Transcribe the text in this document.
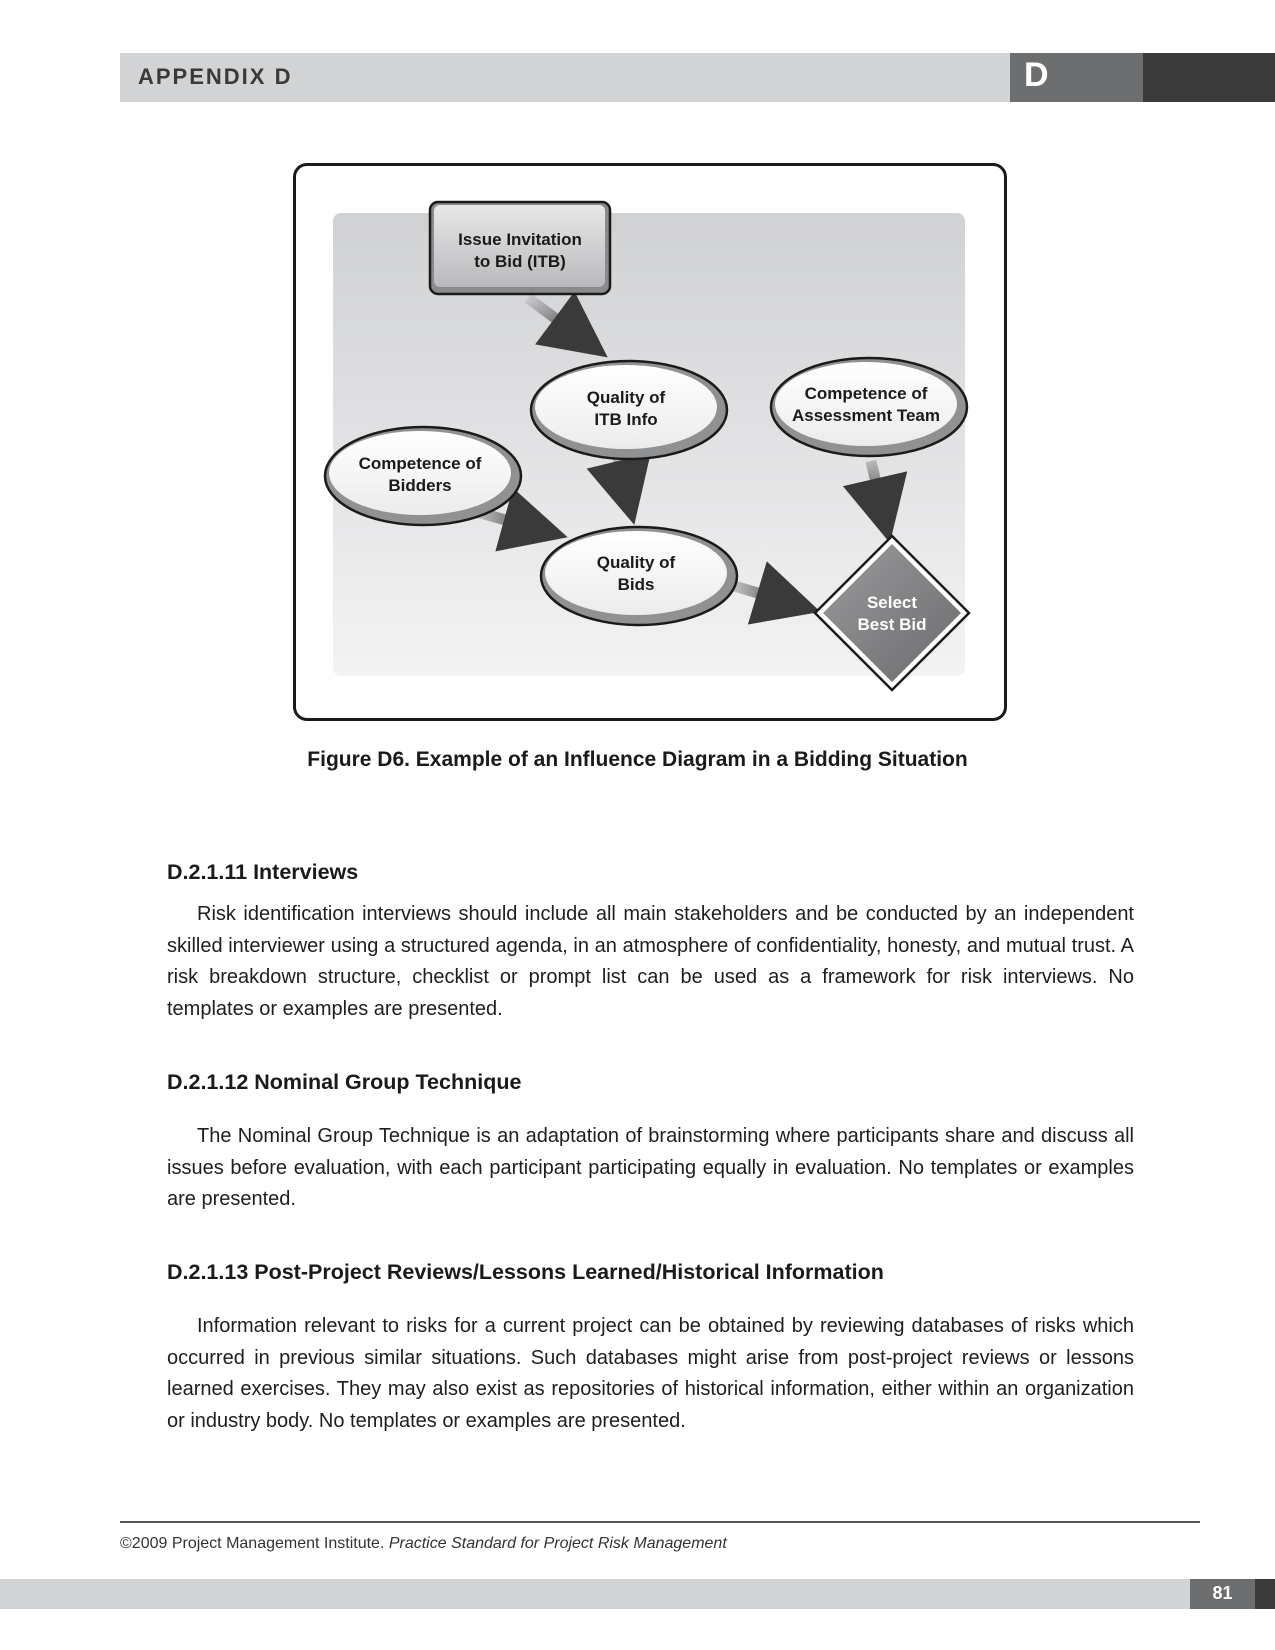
APPENDIX D	D
Issue Invitation
to Bid (ITB)
Quality of
ITB Info
Competence of
Assessment Team
Competence of
Bidders
Quality of
Bids
Select
Best Bid
Figure D6. Example of an Influence Diagram in a Bidding Situation
D.2.1.11 Interviews

Risk identification interviews should include all main stakeholders and be conducted by an independent skilled interviewer using a structured agenda, in an atmosphere of confidentiality, honesty, and mutual trust. A risk breakdown structure, checklist or prompt list can be used as a framework for risk interviews. No templates or examples are presented.

D.2.1.12 Nominal Group Technique

The Nominal Group Technique is an adaptation of brainstorming where participants share and discuss all issues before evaluation, with each participant participating equally in evaluation. No templates or examples are presented.

D.2.1.13 Post-Project Reviews/Lessons Learned/Historical Information

Information relevant to risks for a current project can be obtained by reviewing databases of risks which occurred in previous similar situations. Such databases might arise from post-project reviews or lessons learned exercises. They may also exist as repositories of historical information, either within an organization or industry body. No templates or examples are presented.

©2009 Project Management Institute. Practice Standard for Project Risk Management
81
